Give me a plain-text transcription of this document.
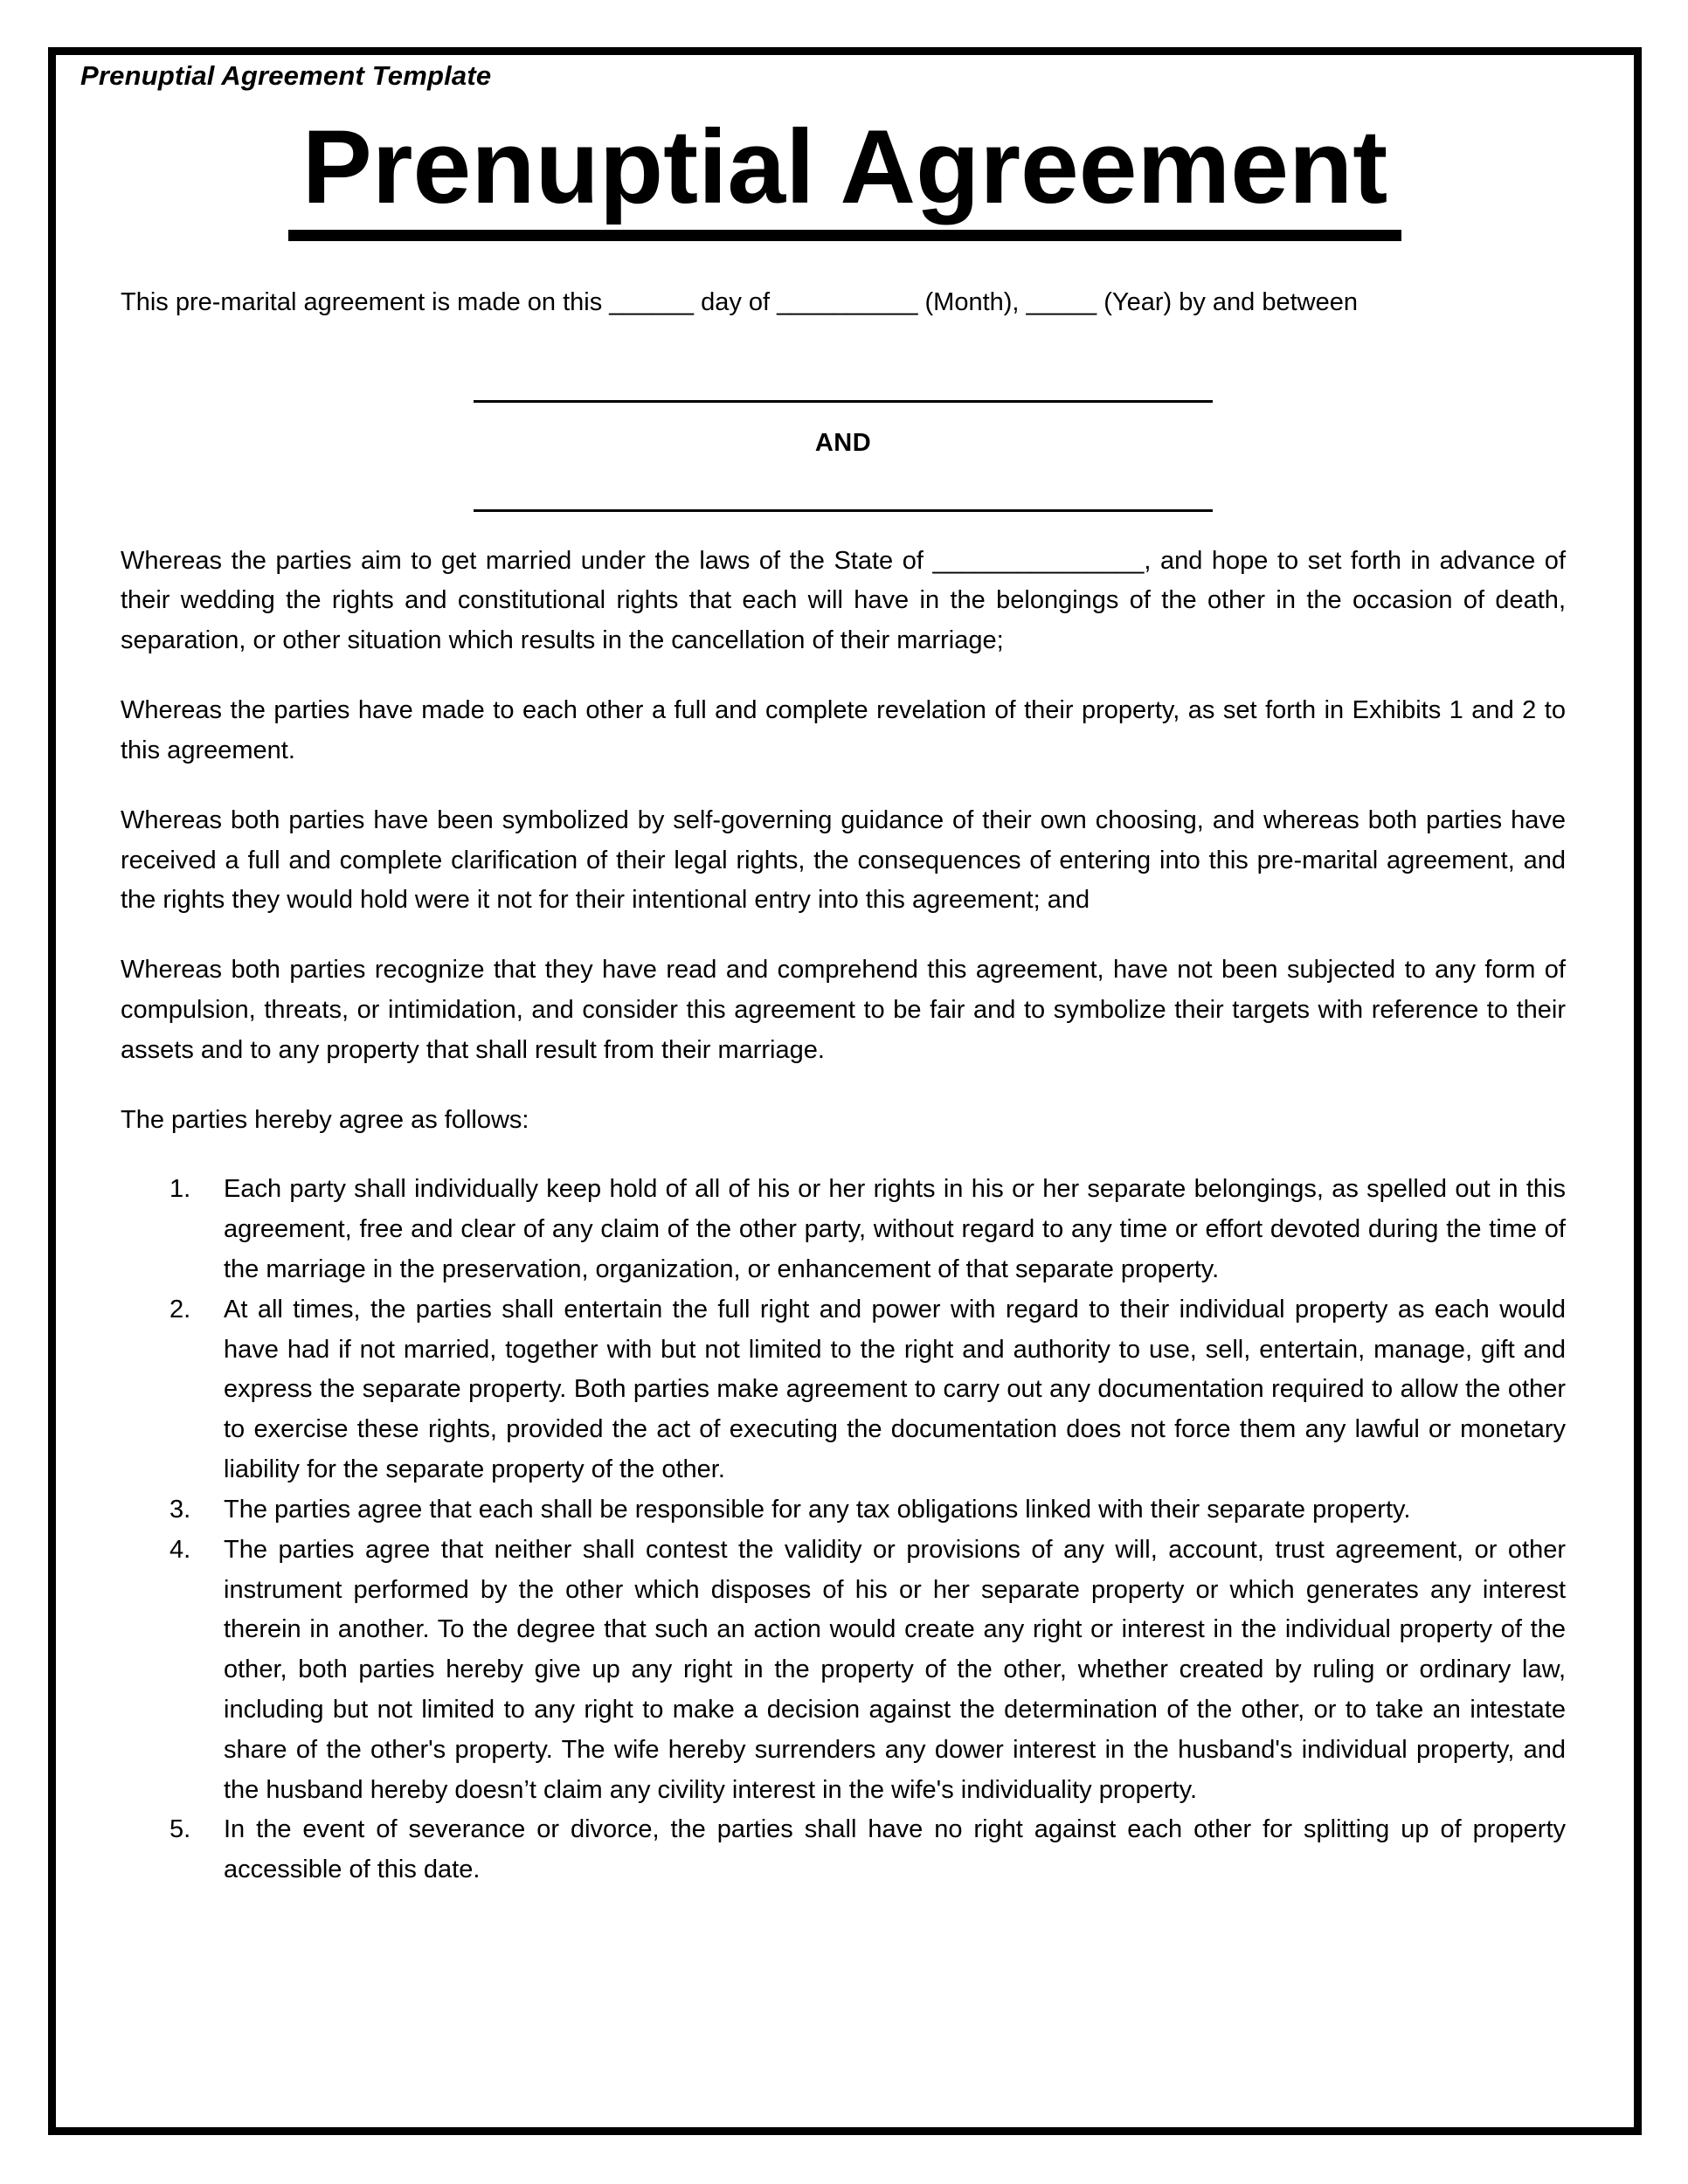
Prenuptial Agreement Template
Prenuptial Agreement

This pre-marital agreement is made on this ______ day of __________ (Month), _____ (Year) by and between

AND

Whereas the parties aim to get married under the laws of the State of _______________, and hope to set forth in advance of their wedding the rights and constitutional rights that each will have in the belongings of the other in the occasion of death, separation, or other situation which results in the cancellation of their marriage;

Whereas the parties have made to each other a full and complete revelation of their property, as set forth in Exhibits 1 and 2 to this agreement.

Whereas both parties have been symbolized by self-governing guidance of their own choosing, and whereas both parties have received a full and complete clarification of their legal rights, the consequences of entering into this pre-marital agreement, and the rights they would hold were it not for their intentional entry into this agreement; and

Whereas both parties recognize that they have read and comprehend this agreement, have not been subjected to any form of compulsion, threats, or intimidation, and consider this agreement to be fair and to symbolize their targets with reference to their assets and to any property that shall result from their marriage.

The parties hereby agree as follows:

1. Each party shall individually keep hold of all of his or her rights in his or her separate belongings, as spelled out in this agreement, free and clear of any claim of the other party, without regard to any time or effort devoted during the time of the marriage in the preservation, organization, or enhancement of that separate property.
2. At all times, the parties shall entertain the full right and power with regard to their individual property as each would have had if not married, together with but not limited to the right and authority to use, sell, entertain, manage, gift and express the separate property. Both parties make agreement to carry out any documentation required to allow the other to exercise these rights, provided the act of executing the documentation does not force them any lawful or monetary liability for the separate property of the other.
3. The parties agree that each shall be responsible for any tax obligations linked with their separate property.
4. The parties agree that neither shall contest the validity or provisions of any will, account, trust agreement, or other instrument performed by the other which disposes of his or her separate property or which generates any interest therein in another. To the degree that such an action would create any right or interest in the individual property of the other, both parties hereby give up any right in the property of the other, whether created by ruling or ordinary law, including but not limited to any right to make a decision against the determination of the other, or to take an intestate share of the other's property. The wife hereby surrenders any dower interest in the husband's individual property, and the husband hereby doesn’t claim any civility interest in the wife's individuality property.
5. In the event of severance or divorce, the parties shall have no right against each other for splitting up of property accessible of this date.
